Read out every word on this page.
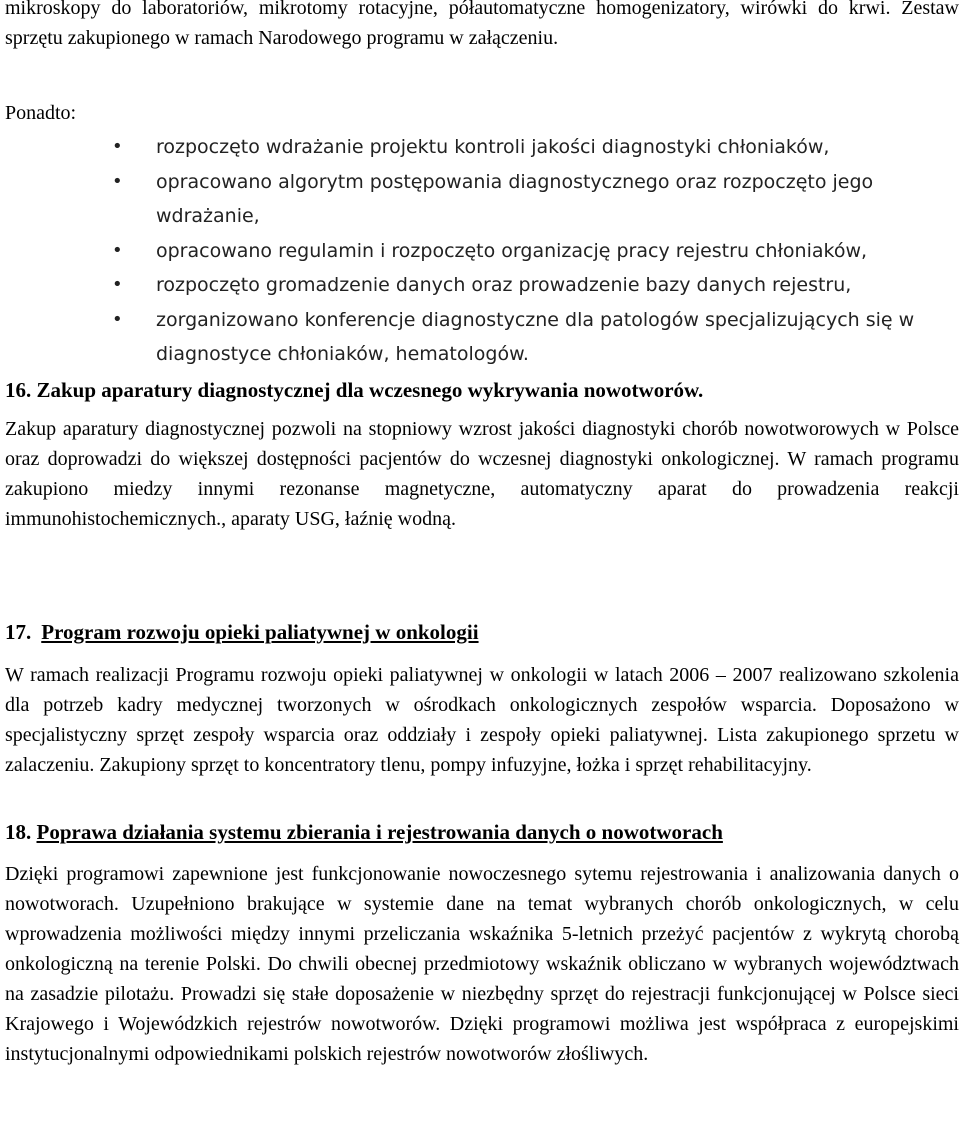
mikroskopy do laboratoriów, mikrotomy rotacyjne, półautomatyczne homogenizatory, wirówki do krwi. Zestaw sprzętu zakupionego w ramach Narodowego programu w załączeniu.

Ponadto:

• rozpoczęto wdrażanie projektu kontroli jakości diagnostyki chłoniaków,
• opracowano algorytm postępowania diagnostycznego oraz rozpoczęto jego wdrażanie,
• opracowano regulamin i rozpoczęto organizację pracy rejestru chłoniaków,
• rozpoczęto gromadzenie danych oraz prowadzenie bazy danych rejestru,
• zorganizowano konferencje diagnostyczne dla patologów specjalizujących się w diagnostyce chłoniaków, hematologów.
16. Zakup aparatury diagnostycznej dla wczesnego wykrywania nowotworów.

Zakup aparatury diagnostycznej pozwoli na stopniowy wzrost jakości diagnostyki chorób nowotworowych w Polsce oraz doprowadzi do większej dostępności pacjentów do wczesnej diagnostyki onkologicznej. W ramach programu zakupiono miedzy innymi rezonanse magnetyczne, automatyczny aparat do prowadzenia reakcji immunohistochemicznych., aparaty USG, łaźnię wodną.

17. Program rozwoju opieki paliatywnej w onkologii

W ramach realizacji Programu rozwoju opieki paliatywnej w onkologii w latach 2006 – 2007 realizowano szkolenia dla potrzeb kadry medycznej tworzonych w ośrodkach onkologicznych zespołów wsparcia. Doposażono w specjalistyczny sprzęt zespoły wsparcia oraz oddziały i zespoły opieki paliatywnej. Lista zakupionego sprzetu w zalaczeniu. Zakupiony sprzęt to koncentratory tlenu, pompy infuzyjne, łożka i sprzęt rehabilitacyjny.

18. Poprawa działania systemu zbierania i rejestrowania danych o nowotworach

Dzięki programowi zapewnione jest funkcjonowanie nowoczesnego sytemu rejestrowania i analizowania danych o nowotworach. Uzupełniono brakujące w systemie dane na temat wybranych chorób onkologicznych, w celu wprowadzenia możliwości między innymi przeliczania wskaźnika 5-letnich przeżyć pacjentów z wykrytą chorobą onkologiczną na terenie Polski. Do chwili obecnej przedmiotowy wskaźnik obliczano w wybranych województwach na zasadzie pilotażu. Prowadzi się stałe doposażenie w niezbędny sprzęt do rejestracji funkcjonującej w Polsce sieci Krajowego i Wojewódzkich rejestrów nowotworów. Dzięki programowi możliwa jest współpraca z europejskimi instytucjonalnymi odpowiednikami polskich rejestrów nowotworów złośliwych.
